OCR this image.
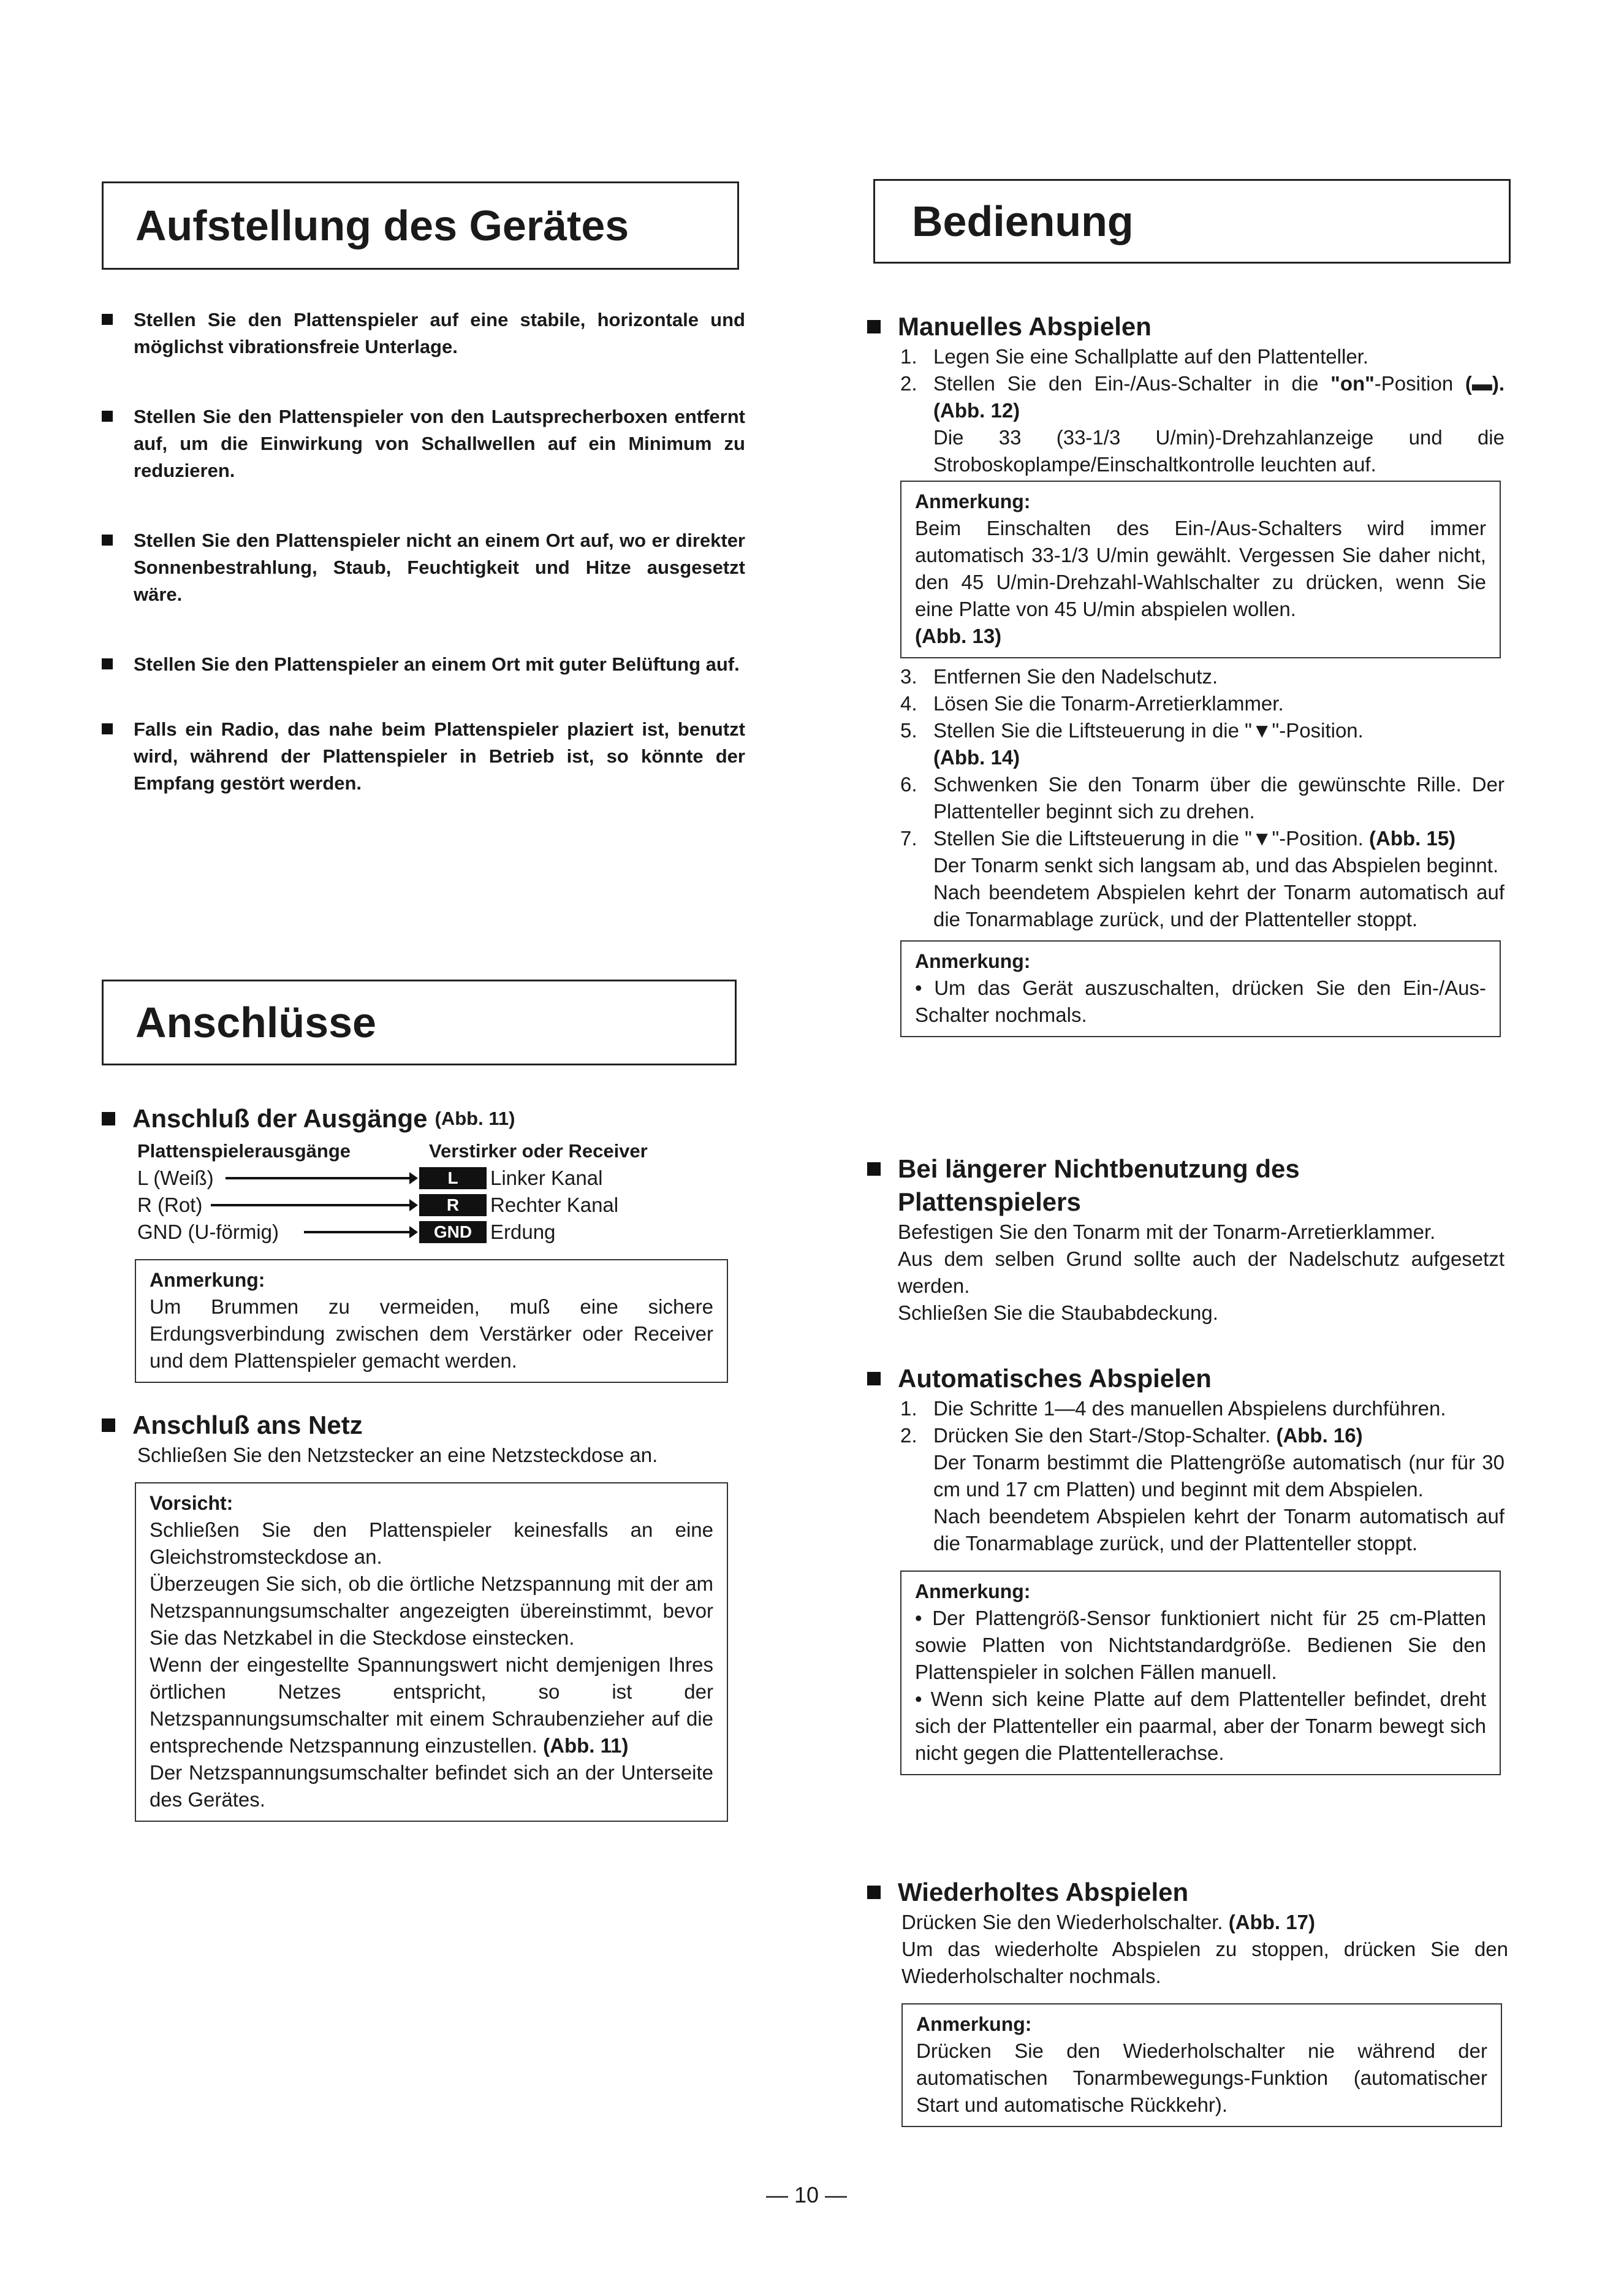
Aufstellung des Gerätes

Stellen Sie den Plattenspieler auf eine stabile, horizontale und möglichst vibrationsfreie Unterlage.

Stellen Sie den Plattenspieler von den Lautsprecherboxen entfernt auf, um die Einwirkung von Schallwellen auf ein Minimum zu reduzieren.

Stellen Sie den Plattenspieler nicht an einem Ort auf, wo er direkter Sonnenbestrahlung, Staub, Feuchtigkeit und Hitze ausgesetzt wäre.

Stellen Sie den Plattenspieler an einem Ort mit guter Belüftung auf.

Falls ein Radio, das nahe beim Plattenspieler plaziert ist, benutzt wird, während der Plattenspieler in Betrieb ist, so könnte der Empfang gestört werden.

Anschlüsse
Anschluß der Ausgänge (Abb. 11)
Plattenspielerausgänge	Verstirker oder Receiver
L (Weiß)	L	Linker Kanal
R (Rot)	R	Rechter Kanal
GND (U-förmig)	GND Erdung
Anmerkung:

Um Brummen zu vermeiden, muß eine sichere Erdungsverbindung zwischen dem Verstärker oder Receiver und dem Plattenspieler gemacht werden.

Anschluß ans Netz

Schließen Sie den Netzstecker an eine Netzsteckdose an.

Vorsicht:

Schließen Sie den Plattenspieler keinesfalls an eine Gleichstromsteckdose an.

Überzeugen Sie sich, ob die örtliche Netzspannung mit der am Netzspannungsumschalter angezeigten übereinstimmt, bevor Sie das Netzkabel in die Steckdose einstecken.

Wenn der eingestellte Spannungswert nicht demjenigen Ihres örtlichen Netzes entspricht, so ist der Netzspannungsumschalter mit einem Schraubenzieher auf die entsprechende Netzspannung einzustellen. (Abb. 11)

Der Netzspannungsumschalter befindet sich an der Unterseite des Gerätes.

Bedienung
Manuelles Abspielen
1. Legen Sie eine Schallplatte auf den Plattenteller.
2. Stellen Sie den Ein-/Aus-Schalter in die "on"-Position (▬). (Abb. 12)
Die 33 (33-1/3 U/min)-Drehzahlanzeige und die Stroboskoplampe/Einschaltkontrolle leuchten auf.
Anmerkung:

Beim Einschalten des Ein-/Aus-Schalters wird immer automatisch 33-1/3 U/min gewählt. Vergessen Sie daher nicht, den 45 U/min-Drehzahl-Wahlschalter zu drücken, wenn Sie eine Platte von 45 U/min abspielen wollen.

(Abb. 13)

3. Entfernen Sie den Nadelschutz.
4. Lösen Sie die Tonarm-Arretierklammer.
5. Stellen Sie die Liftsteuerung in die "▼"-Position.
(Abb. 14)
6. Schwenken Sie den Tonarm über die gewünschte Rille. Der Plattenteller beginnt sich zu drehen.
7. Stellen Sie die Liftsteuerung in die "▼"-Position. (Abb. 15)
Der Tonarm senkt sich langsam ab, und das Abspielen beginnt.
Nach beendetem Abspielen kehrt der Tonarm automatisch auf die Tonarmablage zurück, und der Plattenteller stoppt.
Anmerkung:

• Um das Gerät auszuschalten, drücken Sie den Ein-/Aus-Schalter nochmals.

Bei längerer Nichtbenutzung des
Plattenspielers

Befestigen Sie den Tonarm mit der Tonarm-Arretierklammer.

Aus dem selben Grund sollte auch der Nadelschutz aufgesetzt werden.

Schließen Sie die Staubabdeckung.

Automatisches Abspielen
1. Die Schritte 1—4 des manuellen Abspielens durchführen.
2. Drücken Sie den Start-/Stop-Schalter. (Abb. 16)
Der Tonarm bestimmt die Plattengröße automatisch (nur für 30 cm und 17 cm Platten) und beginnt mit dem Abspielen.
Nach beendetem Abspielen kehrt der Tonarm automatisch auf die Tonarmablage zurück, und der Plattenteller stoppt.
Anmerkung:

• Der Plattengröß-Sensor funktioniert nicht für 25 cm-Platten sowie Platten von Nichtstandardgröße. Bedienen Sie den Plattenspieler in solchen Fällen manuell.

• Wenn sich keine Platte auf dem Plattenteller befindet, dreht sich der Plattenteller ein paarmal, aber der Tonarm bewegt sich nicht gegen die Plattentellerachse.

Wiederholtes Abspielen

Drücken Sie den Wiederholschalter. (Abb. 17)

Um das wiederholte Abspielen zu stoppen, drücken Sie den Wiederholschalter nochmals.

Anmerkung:

Drücken Sie den Wiederholschalter nie während der automatischen Tonarmbewegungs-Funktion (automatischer Start und automatische Rückkehr).

— 10 —
